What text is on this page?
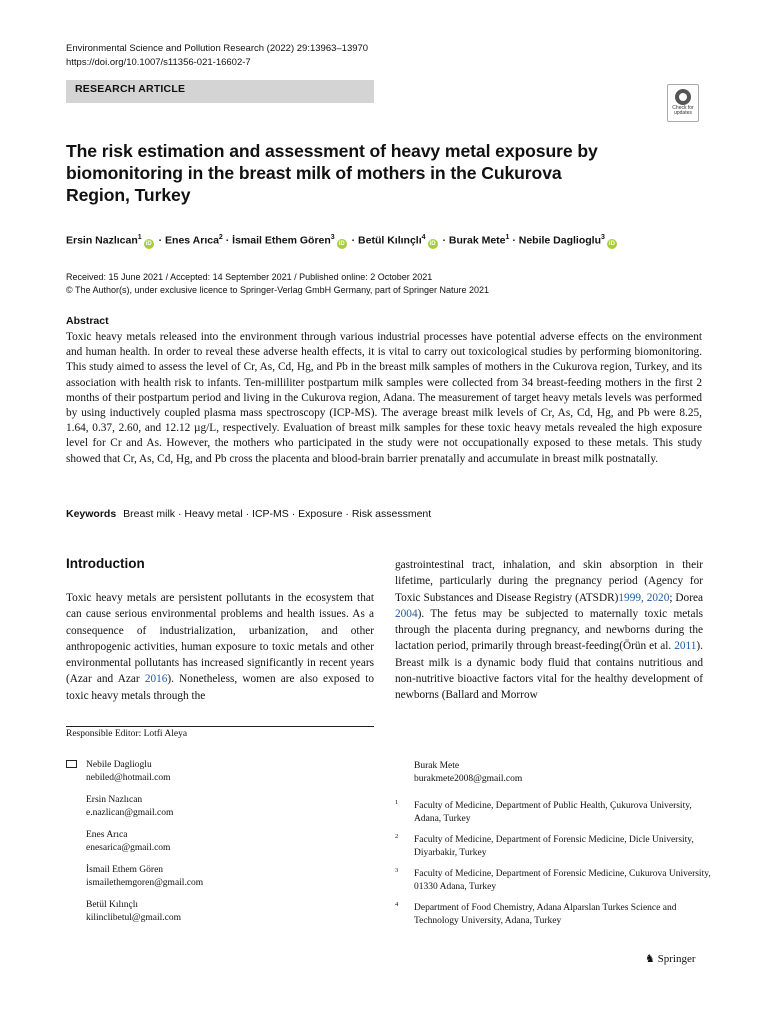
Environmental Science and Pollution Research (2022) 29:13963–13970
https://doi.org/10.1007/s11356-021-16602-7
RESEARCH ARTICLE
Check for
updates
The risk estimation and assessment of heavy metal exposure by biomonitoring in the breast milk of mothers in the Cukurova Region, Turkey
Ersin Nazlıcan$^1$iD · Enes Arıca$^2$ · İsmail Ethem Gören$^3$iD · Betül Kılınçlı$^4$iD · Burak Mete$^1$ · Nebile Daglioglu$^3$iD
Received: 15 June 2021 / Accepted: 14 September 2021 / Published online: 2 October 2021
© The Author(s), under exclusive licence to Springer-Verlag GmbH Germany, part of Springer Nature 2021
Abstract
Toxic heavy metals released into the environment through various industrial processes have potential adverse effects on the environment and human health. In order to reveal these adverse health effects, it is vital to carry out toxicological studies by performing biomonitoring. This study aimed to assess the level of Cr, As, Cd, Hg, and Pb in the breast milk samples of mothers in the Cukurova region, Turkey, and its association with health risk to infants. Ten-milliliter postpartum milk samples were collected from 34 breast-feeding mothers in the first 2 months of their postpartum period and living in the Cukurova region, Adana. The measurement of target heavy metals levels was performed by using inductively coupled plasma mass spectroscopy (ICP-MS). The average breast milk levels of Cr, As, Cd, Hg, and Pb were 8.25, 1.64, 0.37, 2.60, and 12.12 µg/L, respectively. Evaluation of breast milk samples for these toxic heavy metals revealed the high exposure level for Cr and As. However, the mothers who participated in the study were not occupationally exposed to these metals. This study showed that Cr, As, Cd, Hg, and Pb cross the placenta and blood-brain barrier prenatally and accumulate in breast milk postnatally.
Keywords Breast milk · Heavy metal · ICP-MS · Exposure · Risk assessment
Introduction
Toxic heavy metals are persistent pollutants in the ecosystem that can cause serious environmental problems and health issues. As a consequence of industrialization, urbanization, and other anthropogenic activities, human exposure to toxic metals and other environmental pollutants has increased significantly in recent years (Azar and Azar 2016). Nonetheless, women are also exposed to toxic heavy metals through the
gastrointestinal tract, inhalation, and skin absorption in their lifetime, particularly during the pregnancy period (Agency for Toxic Substances and Disease Registry (ATSDR)1999, 2020; Dorea 2004). The fetus may be subjected to maternally toxic metals through the placenta during pregnancy, and newborns during the lactation period, primarily through breast-feeding(Örün et al. 2011). Breast milk is a dynamic body fluid that contains nutritious and non-nutritive bioactive factors vital for the healthy development of newborns (Ballard and Morrow
Responsible Editor: Lotfi Aleya
Nebile Daglioglu
nebiled@hotmail.com
Ersin Nazlıcan
e.nazlican@gmail.com
Enes Arıca
enesarica@gmail.com
İsmail Ethem Gören
ismailethemgoren@gmail.com
Betül Kılınçlı
kilinclibetul@gmail.com
Burak Mete
burakmete2008@gmail.com
1 Faculty of Medicine, Department of Public Health, Çukurova University, Adana, Turkey
2 Faculty of Medicine, Department of Forensic Medicine, Dicle University, Diyarbakir, Turkey
3 Faculty of Medicine, Department of Forensic Medicine, Cukurova University, 01330 Adana, Turkey
4 Department of Food Chemistry, Adana Alparslan Turkes Science and Technology University, Adana, Turkey
♞ Springer
